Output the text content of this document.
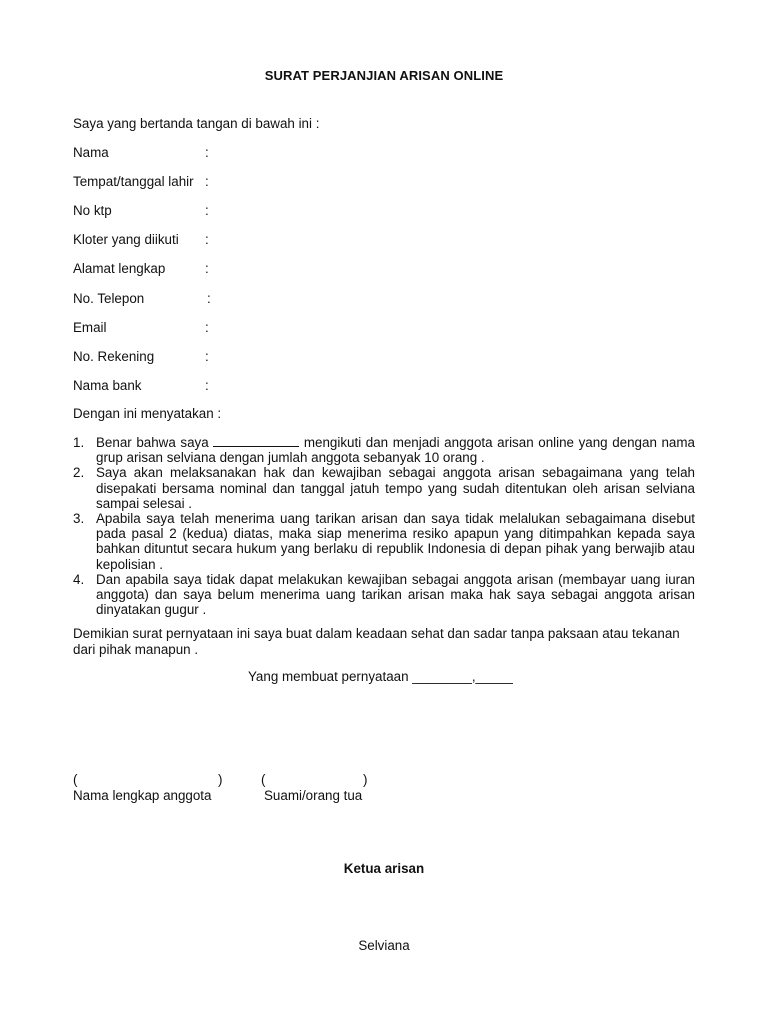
SURAT PERJANJIAN ARISAN ONLINE
Saya yang bertanda tangan di bawah ini :
Nama	:
Tempat/tanggal lahir :
No ktp	:
Kloter yang diikuti :
Alamat lengkap	:
No. Telepon	:
Email	:
No. Rekening	:
Nama bank	:
Dengan ini menyatakan :
1. Benar bahwa saya	mengikuti dan menjadi anggota arisan online yang dengan nama grup arisan selviana dengan jumlah anggota sebanyak 10 orang .
2. Saya akan melaksanakan hak dan kewajiban sebagai anggota arisan sebagaimana yang telah disepakati bersama nominal dan tanggal jatuh tempo yang sudah ditentukan oleh arisan selviana sampai selesai .
3. Apabila saya telah menerima uang tarikan arisan dan saya tidak melalukan sebagaimana disebut pada pasal 2 (kedua) diatas, maka siap menerima resiko apapun yang ditimpahkan kepada saya bahkan dituntut secara hukum yang berlaku di republik Indonesia di depan pihak yang berwajib atau kepolisian .
4. Dan apabila saya tidak dapat melakukan kewajiban sebagai anggota arisan (membayar uang iuran anggota) dan saya belum menerima uang tarikan arisan maka hak saya sebagai anggota arisan dinyatakan gugur .
Demikian surat pernyataan ini saya buat dalam keadaan sehat dan sadar tanpa paksaan atau tekanan dari pihak manapun .
Yang membuat pernyataan ________,_____
(	)	(	)
Nama lengkap anggota	Suami/orang tua
Ketua arisan
Selviana
